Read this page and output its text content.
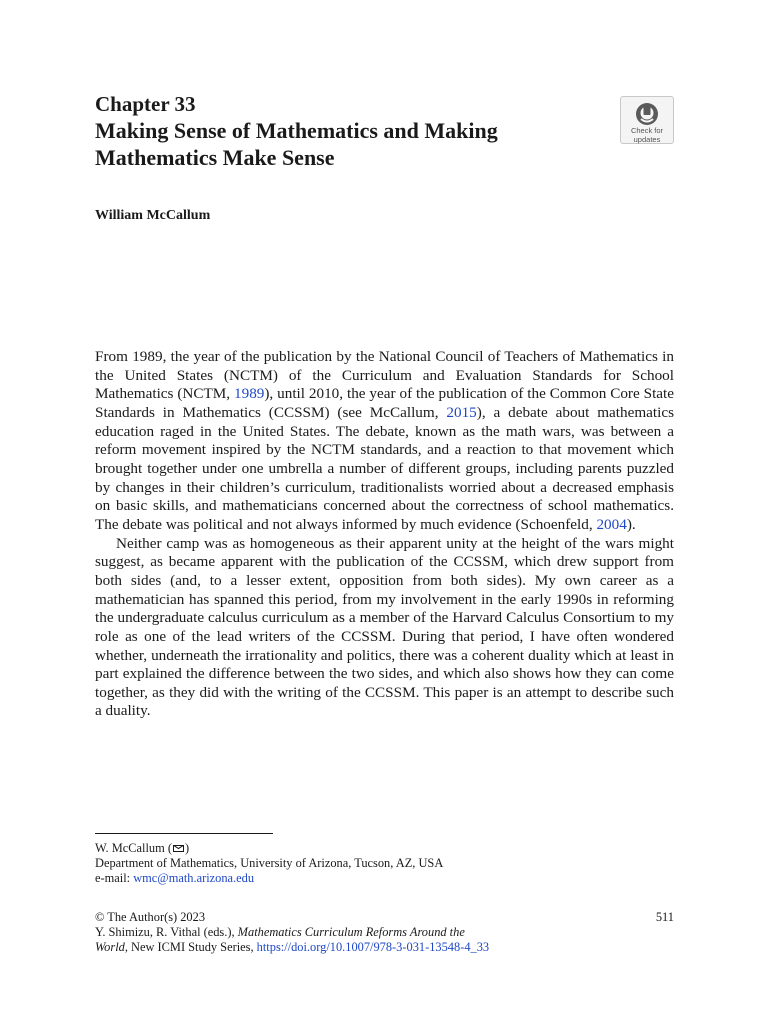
Chapter 33
Making Sense of Mathematics and Making
Mathematics Make Sense
Check for
updates
William McCallum

From 1989, the year of the publication by the National Council of Teachers of Mathematics in the United States (NCTM) of the Curriculum and Evaluation Standards for School Mathematics (NCTM, 1989), until 2010, the year of the publication of the Common Core State Standards in Mathematics (CCSSM) (see McCallum, 2015), a debate about mathematics education raged in the United States. The debate, known as the math wars, was between a reform movement inspired by the NCTM standards, and a reaction to that movement which brought together under one umbrella a number of different groups, including parents puzzled by changes in their children’s curriculum, traditionalists worried about a decreased emphasis on basic skills, and mathematicians concerned about the correctness of school mathematics. The debate was political and not always informed by much evidence (Schoenfeld, 2004).

Neither camp was as homogeneous as their apparent unity at the height of the wars might suggest, as became apparent with the publication of the CCSSM, which drew support from both sides (and, to a lesser extent, opposition from both sides). My own career as a mathematician has spanned this period, from my involvement in the early 1990s in reforming the undergraduate calculus curriculum as a member of the Harvard Calculus Consortium to my role as one of the lead writers of the CCSSM. During that period, I have often wondered whether, underneath the irrationality and politics, there was a coherent duality which at least in part explained the difference between the two sides, and which also shows how they can come together, as they did with the writing of the CCSSM. This paper is an attempt to describe such a duality.

W. McCallum ( )
Department of Mathematics, University of Arizona, Tucson, AZ, USA
e-mail: wmc@math.arizona.edu
© The Author(s) 2023	511
Y. Shimizu, R. Vithal (eds.), Mathematics Curriculum Reforms Around the
World, New ICMI Study Series, https://doi.org/10.1007/978-3-031-13548-4_33
